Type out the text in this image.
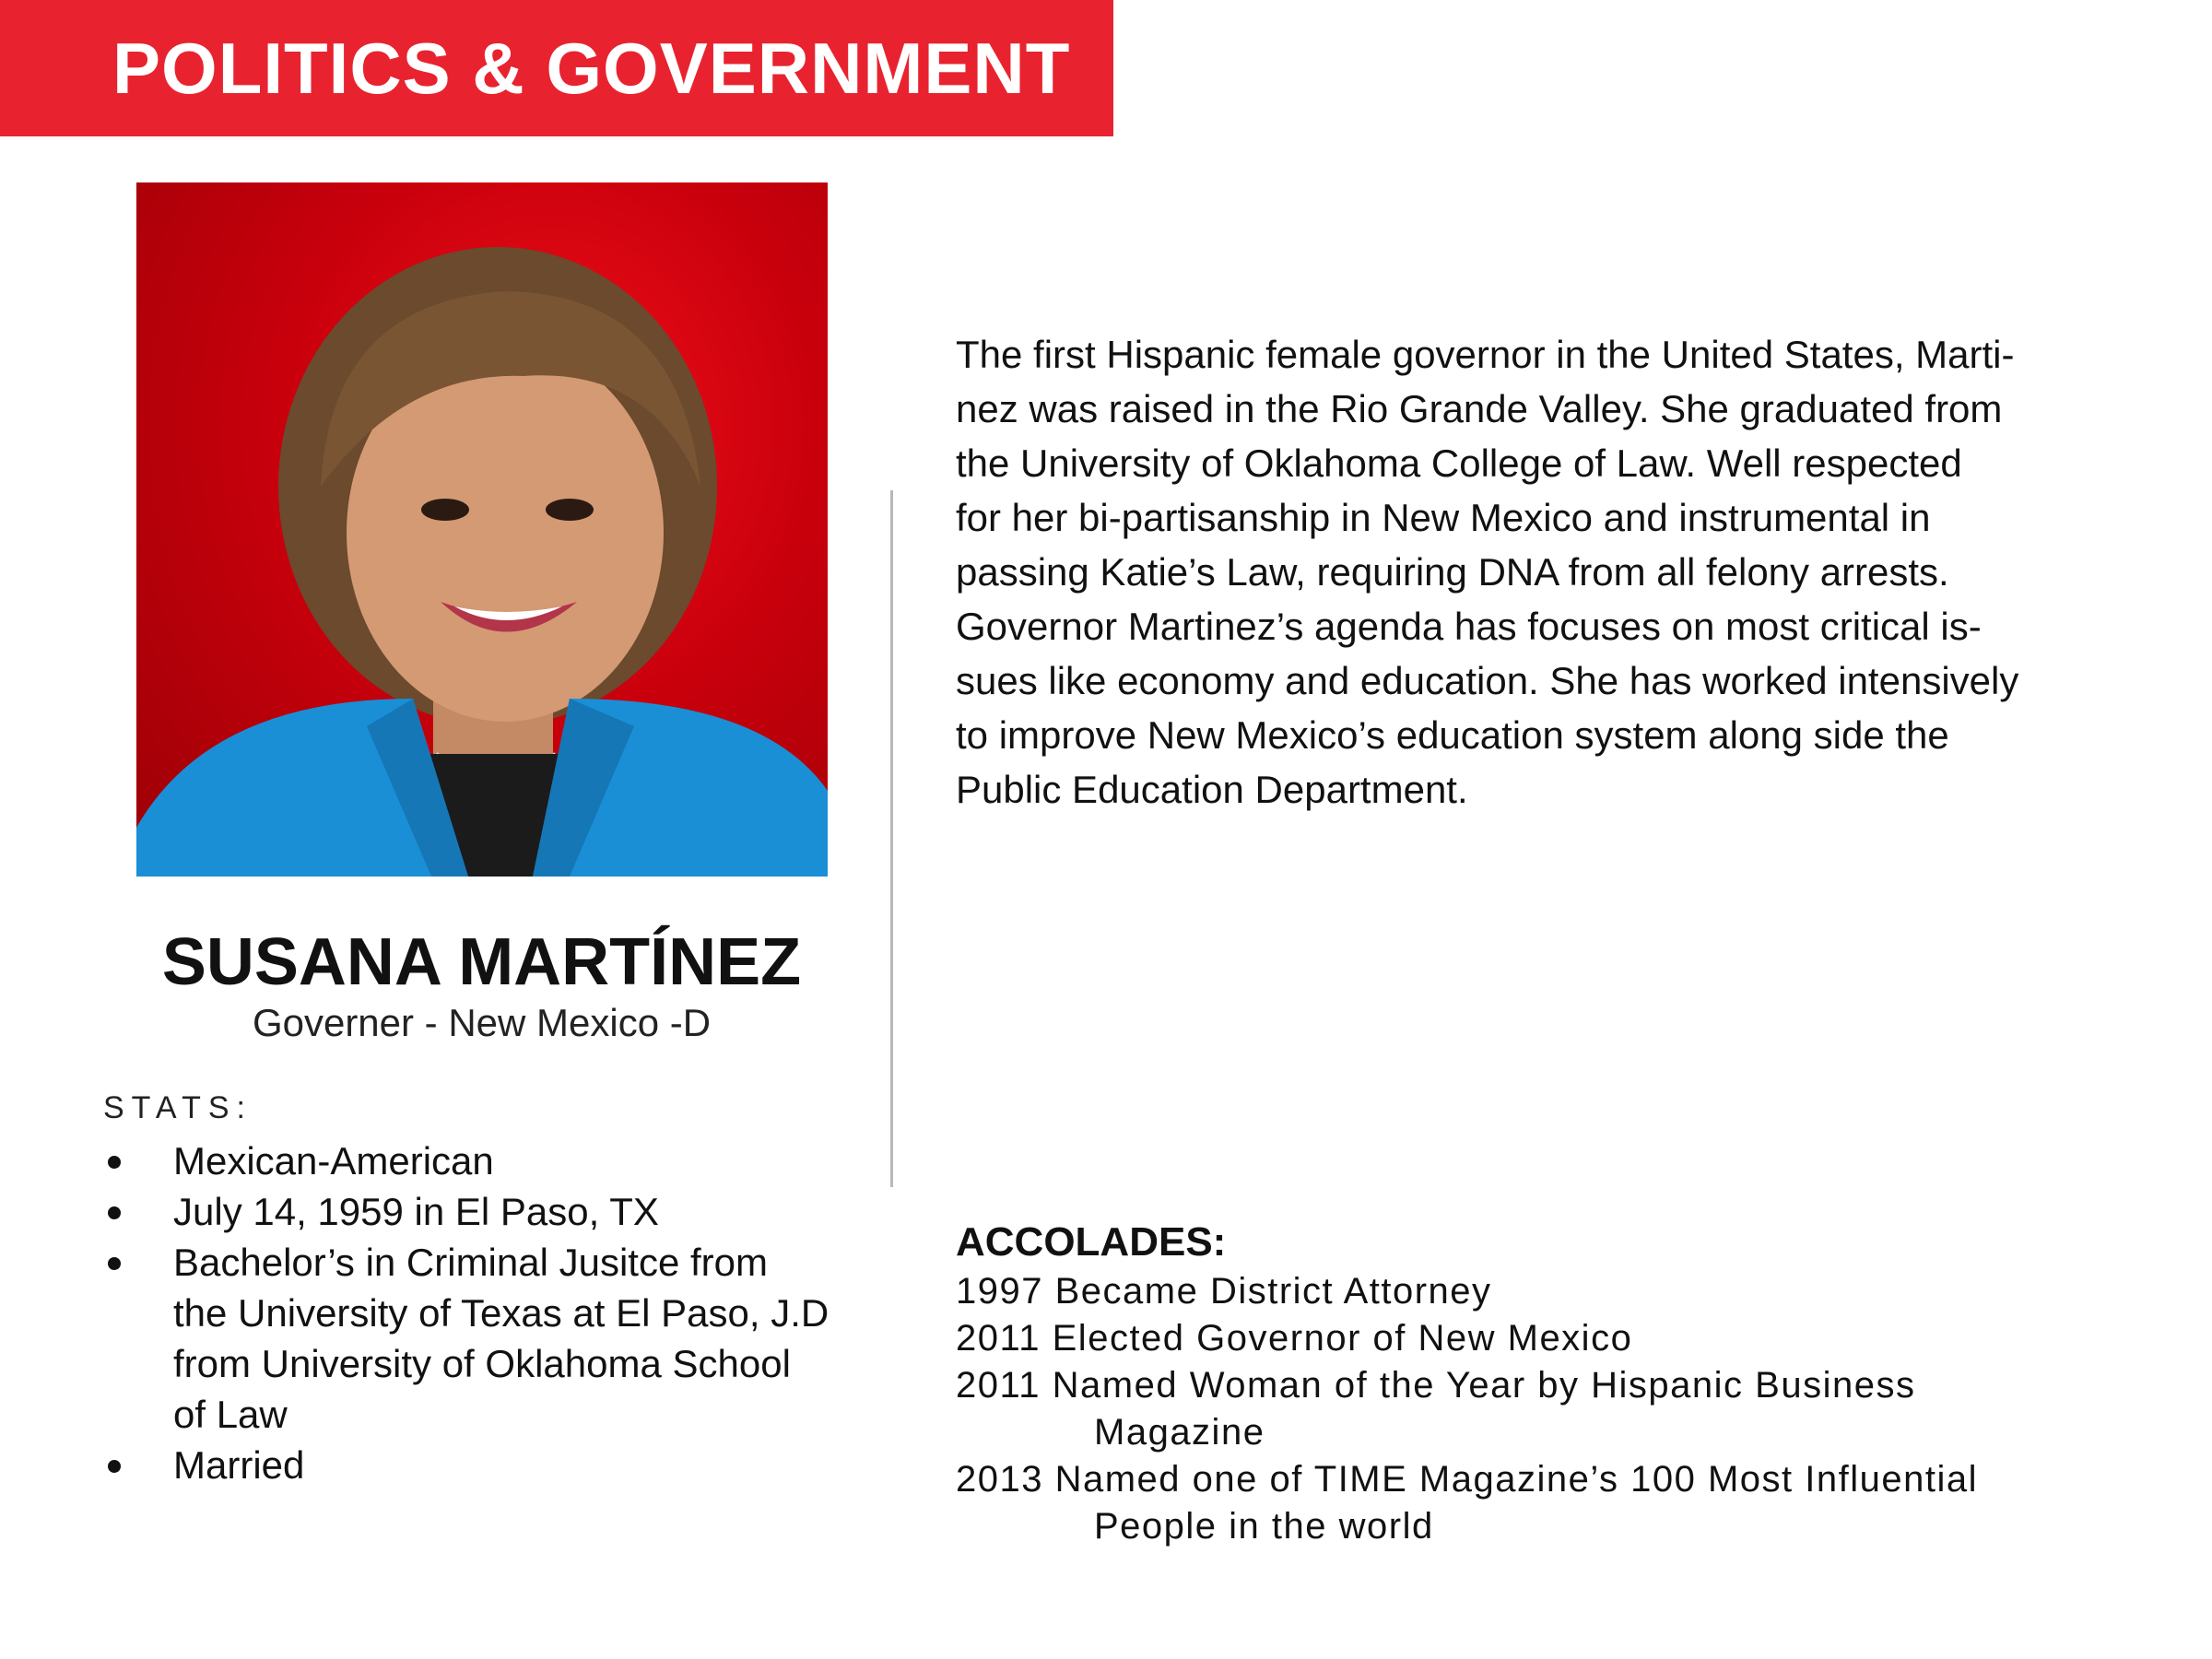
POLITICS & GOVERNMENT
SUSANA MARTÍNEZ
Governer - New Mexico -D
STATS:
Mexican-American
July 14, 1959 in El Paso, TX
Bachelor’s in Criminal Jusitce from
the University of Texas at El Paso, J.D
from University of Oklahoma School
of Law
Married
The first Hispanic female governor in the United States, Marti-
nez was raised in the Rio Grande Valley. She graduated from
the University of Oklahoma College of Law. Well respected
for her bi-partisanship in New Mexico and instrumental in
passing Katie’s Law, requiring DNA from all felony arrests.
Governor Martinez’s agenda has focuses on most critical is-
sues like economy and education. She has worked intensively
to improve New Mexico’s education system along side the
Public Education Department.
ACCOLADES:
1997 Became District Attorney
2011 Elected Governor of New Mexico
2011 Named Woman of the Year by Hispanic Business
Magazine
2013 Named one of TIME Magazine’s 100 Most Influential
People in the world
